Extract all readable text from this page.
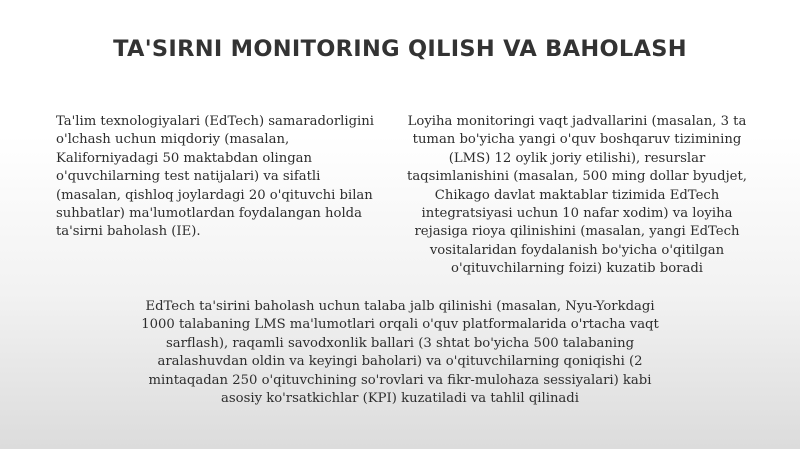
TA'SIRNI MONITORING QILISH VA BAHOLASH

Ta'lim texnologiyalari (EdTech) samaradorligini o'lchash uchun miqdoriy (masalan, Kaliforniyadagi 50 maktabdan olingan o'quvchilarning test natijalari) va sifatli (masalan, qishloq joylardagi 20 o'qituvchi bilan suhbatlar) ma'lumotlardan foydalangan holda ta'sirni baholash (IE).

Loyiha monitoringi vaqt jadvallarini (masalan, 3 ta tuman bo'yicha yangi o'quv boshqaruv tizimining (LMS) 12 oylik joriy etilishi), resurslar taqsimlanishini (masalan, 500 ming dollar byudjet, Chikago davlat maktablar tizimida EdTech integratsiyasi uchun 10 nafar xodim) va loyiha rejasiga rioya qilinishini (masalan, yangi EdTech vositalaridan foydalanish bo'yicha o'qitilgan o'qituvchilarning foizi) kuzatib boradi

EdTech ta'sirini baholash uchun talaba jalb qilinishi (masalan, Nyu-Yorkdagi 1000 talabaning LMS ma'lumotlari orqali o'quv platformalarida o'rtacha vaqt sarflash), raqamli savodxonlik ballari (3 shtat bo'yicha 500 talabaning aralashuvdan oldin va keyingi baholari) va o'qituvchilarning qoniqishi (2 mintaqadan 250 o'qituvchining so'rovlari va fikr-mulohaza sessiyalari) kabi asosiy ko'rsatkichlar (KPI) kuzatiladi va tahlil qilinadi
